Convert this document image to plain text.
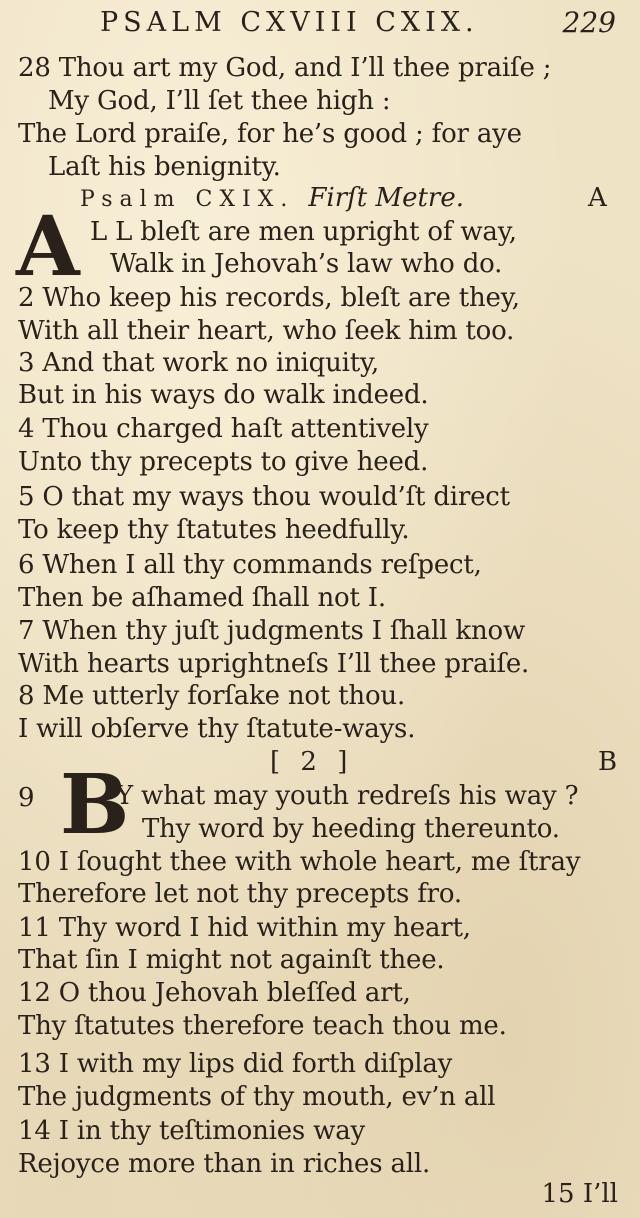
PSALM CXVIII CXIX.	229
28 Thou art my God, and I’ll thee praiſe ;
My God, I’ll ſet thee high :
The Lord praiſe, for he’s good ; for aye
Laſt his benignity.
Psalm CXIX. Firſt Metre.	A
A L L bleſt are men upright of way,
Walk in Jehovah’s law who do.
2 Who keep his records, bleſt are they,
With all their heart, who ſeek him too.
3 And that work no iniquity,
But in his ways do walk indeed.
4 Thou charged haſt attentively
Unto thy precepts to give heed.
5 O that my ways thou would’ſt direct
To keep thy ſtatutes heedfully.
6 When I all thy commands reſpect,
Then be aſhamed ſhall not I.
7 When thy juſt judgments I ſhall know
With hearts uprightneſs I’ll thee praiſe.
8 Me utterly forſake not thou.
I will obſerve thy ſtatute-ways.
[ 2 ]	B
9 B
Y what may youth redreſs his way ?
Thy word by heeding thereunto.
10 I ſought thee with whole heart, me ſtray
Therefore let not thy precepts fro.
11 Thy word I hid within my heart,
That ſin I might not againſt thee.
12 O thou Jehovah bleſſed art,
Thy ſtatutes therefore teach thou me.
13 I with my lips did forth diſplay
The judgments of thy mouth, ev’n all
14 I in thy teſtimonies way
Rejoyce more than in riches all.
15 I’ll
